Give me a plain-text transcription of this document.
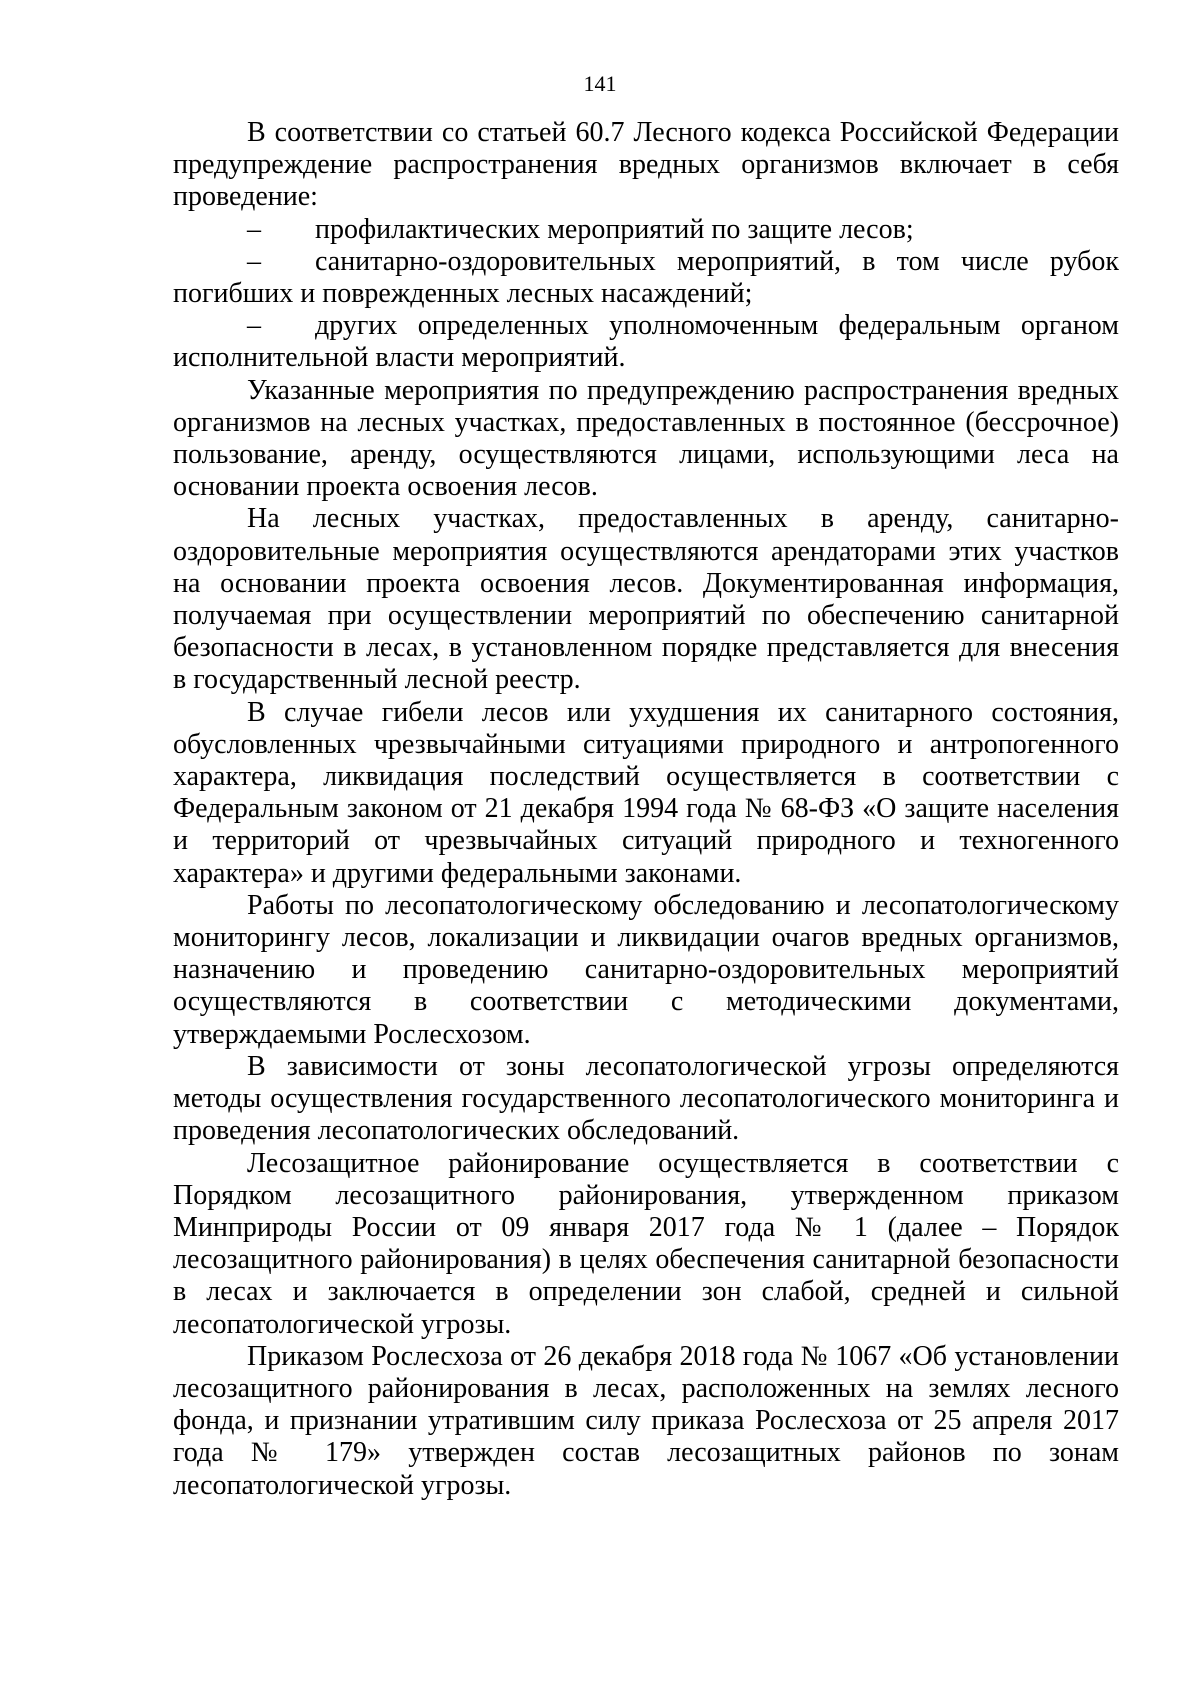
141

В соответствии со статьей 60.7 Лесного кодекса Российской Федерации предупреждение распространения вредных организмов включает в себя проведение:

– профилактических мероприятий по защите лесов;

– санитарно-оздоровительных мероприятий, в том числе рубок погибших и поврежденных лесных насаждений;

– других определенных уполномоченным федеральным органом исполнительной власти мероприятий.

Указанные мероприятия по предупреждению распространения вредных организмов на лесных участках, предоставленных в постоянное (бессрочное) пользование, аренду, осуществляются лицами, использующими леса на основании проекта освоения лесов.

На лесных участках, предоставленных в аренду, санитарно-оздоровительные мероприятия осуществляются арендаторами этих участков на основании проекта освоения лесов. Документированная информация, получаемая при осуществлении мероприятий по обеспечению санитарной безопасности в лесах, в установленном порядке представляется для внесения в государственный лесной реестр.

В случае гибели лесов или ухудшения их санитарного состояния, обусловленных чрезвычайными ситуациями природного и антропогенного характера, ликвидация последствий осуществляется в соответствии с Федеральным законом от 21 декабря 1994 года № 68-ФЗ «О защите населения и территорий от чрезвычайных ситуаций природного и техногенного характера» и другими федеральными законами.

Работы по лесопатологическому обследованию и лесопатологическому мониторингу лесов, локализации и ликвидации очагов вредных организмов, назначению и проведению санитарно-оздоровительных мероприятий осуществляются в соответствии с методическими документами, утверждаемыми Рослесхозом.

В зависимости от зоны лесопатологической угрозы определяются методы осуществления государственного лесопатологического мониторинга и проведения лесопатологических обследований.

Лесозащитное районирование осуществляется в соответствии с Порядком лесозащитного районирования, утвержденном приказом Минприроды России от 09 января 2017 года № 1 (далее – Порядок лесозащитного районирования) в целях обеспечения санитарной безопасности в лесах и заключается в определении зон слабой, средней и сильной лесопатологической угрозы.

Приказом Рослесхоза от 26 декабря 2018 года № 1067 «Об установлении лесозащитного районирования в лесах, расположенных на землях лесного фонда, и признании утратившим силу приказа Рослесхоза от 25 апреля 2017 года № 179» утвержден состав лесозащитных районов по зонам лесопатологической угрозы.
